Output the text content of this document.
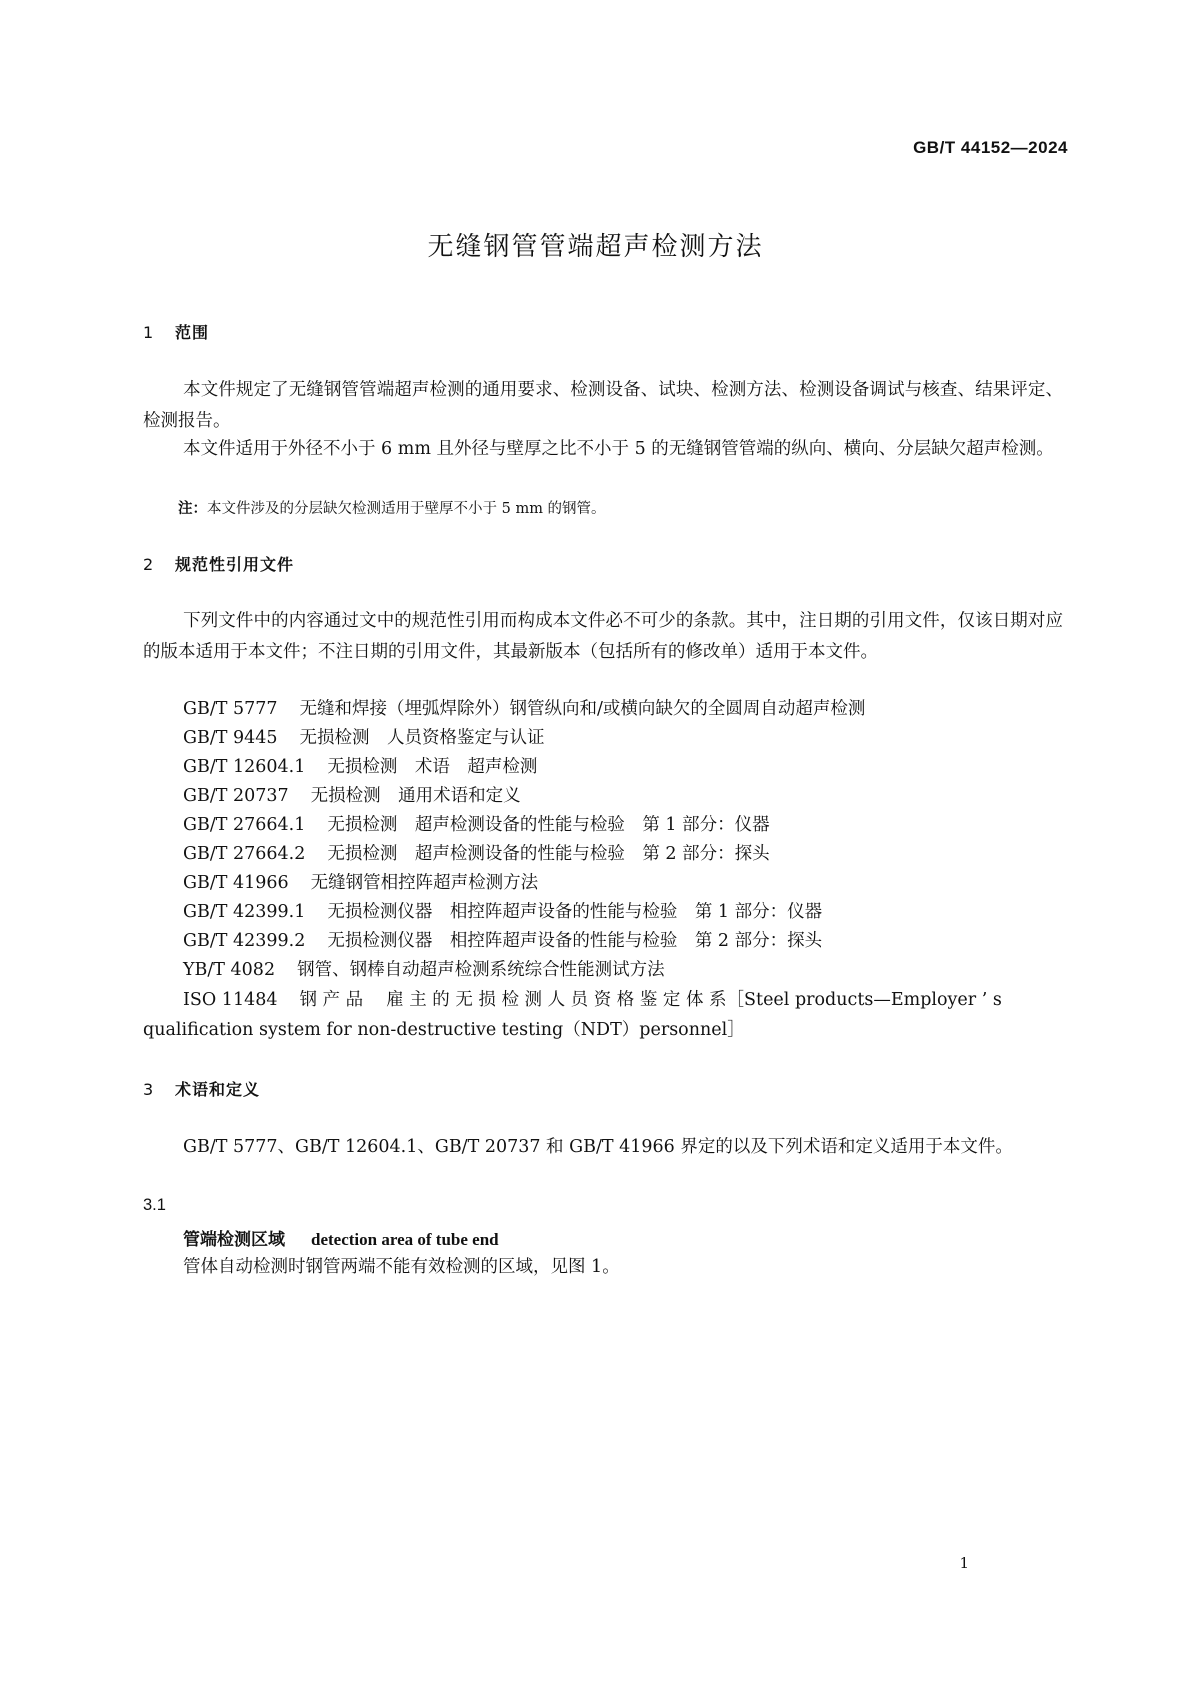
GB/T 44152—2024
无缝钢管管端超声检测方法
1 范围
本文件规定了无缝钢管管端超声检测的通用要求、检测设备、试块、检测方法、检测设备调试与核查、结果评定、检测报告。
本文件适用于外径不小于 6 mm 且外径与壁厚之比不小于 5 的无缝钢管管端的纵向、横向、分层缺欠超声检测。
注：本文件涉及的分层缺欠检测适用于壁厚不小于 5 mm 的钢管。
2 规范性引用文件
下列文件中的内容通过文中的规范性引用而构成本文件必不可少的条款。其中，注日期的引用文件，仅该日期对应的版本适用于本文件；不注日期的引用文件，其最新版本（包括所有的修改单）适用于本文件。
GB/T 5777 无缝和焊接（埋弧焊除外）钢管纵向和/或横向缺欠的全圆周自动超声检测
GB/T 9445 无损检测　人员资格鉴定与认证
GB/T 12604.1 无损检测　术语　超声检测
GB/T 20737 无损检测　通用术语和定义
GB/T 27664.1 无损检测　超声检测设备的性能与检验　第 1 部分：仪器
GB/T 27664.2 无损检测　超声检测设备的性能与检验　第 2 部分：探头
GB/T 41966 无缝钢管相控阵超声检测方法
GB/T 42399.1 无损检测仪器　相控阵超声设备的性能与检验　第 1 部分：仪器
GB/T 42399.2 无损检测仪器　相控阵超声设备的性能与检验　第 2 部分：探头
YB/T 4082 钢管、钢棒自动超声检测系统综合性能测试方法
ISO 11484 钢 产 品　 雇 主 的 无 损 检 测 人 员 资 格 鉴 定 体 系［Steel products—Employer ’ s
qualification system for non-destructive testing（NDT）personnel］
3 术语和定义
GB/T 5777、GB/T 12604.1、GB/T 20737 和 GB/T 41966 界定的以及下列术语和定义适用于本文件。
3.1
管端检测区域 detection area of tube end
管体自动检测时钢管两端不能有效检测的区域，见图 1。
1
